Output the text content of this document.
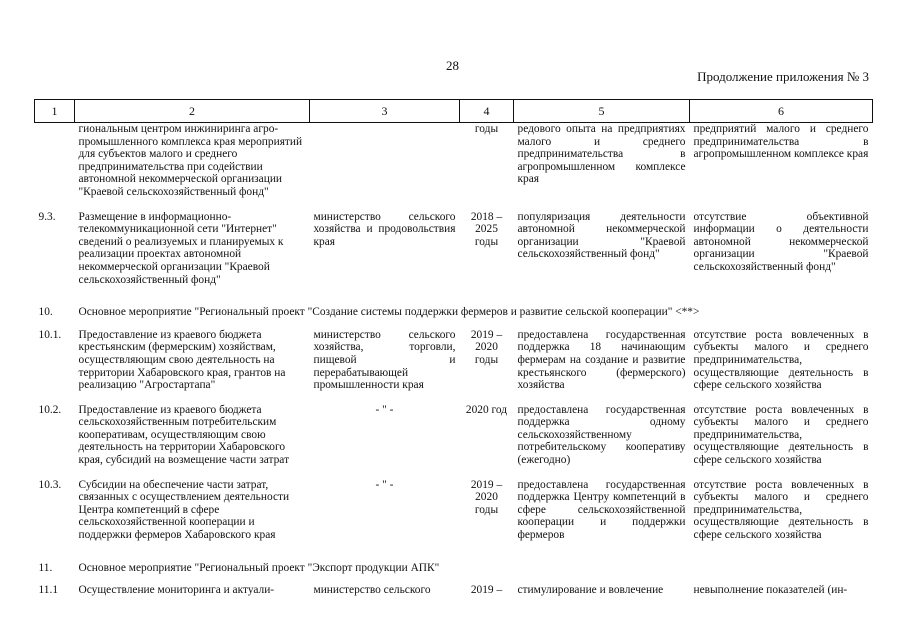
28
Продолжение приложения № 3
1	2	3	4	5	6
	гиональным центром инжиниринга агро-промышленного комплекса края мероприятий для субъектов малого и среднего предпринимательства при содействии автономной некоммерческой организации "Краевой сельскохозяйственный фонд"		годы	редового опыта на предприятиях малого и среднего предпринимательства в агропромышленном комплексе края	предприятий малого и среднего предпринимательства в агропромышленном комплексе края
9.3.	Размещение в информационно-телекоммуникационной сети "Интернет" сведений о реализуемых и планируемых к реализации проектах автономной некоммерческой организации "Краевой сельскохозяйственный фонд"	министерство сельского хозяйства и продовольствия края	2018 – 2025 годы	популяризация деятельности автономной некоммерческой организации "Краевой сельскохозяйственный фонд"	отсутствие объективной информации о деятельности автономной некоммерческой организации "Краевой сельскохозяйственный фонд"
10.	Основное мероприятие "Региональный проект "Создание системы поддержки фермеров и развитие сельской кооперации" <**>				
10.1.	Предоставление из краевого бюджета крестьянским (фермерским) хозяйствам, осуществляющим свою деятельность на территории Хабаровского края, грантов на реализацию "Агростартапа"	министерство сельского хозяйства, торговли, пищевой и перерабатывающей промышленности края	2019 – 2020 годы	предоставлена государственная поддержка 18 начинающим фермерам на создание и развитие крестьянского (фермерского) хозяйства	отсутствие роста вовлеченных в субъекты малого и среднего предпринимательства, осуществляющие деятельность в сфере сельского хозяйства
10.2.	Предоставление из краевого бюджета сельскохозяйственным потребительским кооперативам, осуществляющим свою деятельность на территории Хабаровского края, субсидий на возмещение части затрат	- " -	2020 год	предоставлена государственная поддержка одному сельскохозяйственному потребительскому кооперативу (ежегодно)	отсутствие роста вовлеченных в субъекты малого и среднего предпринимательства, осуществляющие деятельность в сфере сельского хозяйства
10.3.	Субсидии на обеспечение части затрат, связанных с осуществлением деятельности Центра компетенций в сфере сельскохозяйственной кооперации и поддержки фермеров Хабаровского края	- " -	2019 – 2020 годы	предоставлена государственная поддержка Центру компетенций в сфере сельскохозяйственной кооперации и поддержки фермеров	отсутствие роста вовлеченных в субъекты малого и среднего предпринимательства, осуществляющие деятельность в сфере сельского хозяйства
11.	Основное мероприятие "Региональный проект "Экспорт продукции АПК"				
11.1	Осуществление мониторинга и актуали-	министерство сельского	2019 –	стимулирование и вовлечение	невыполнение показателей (ин-
